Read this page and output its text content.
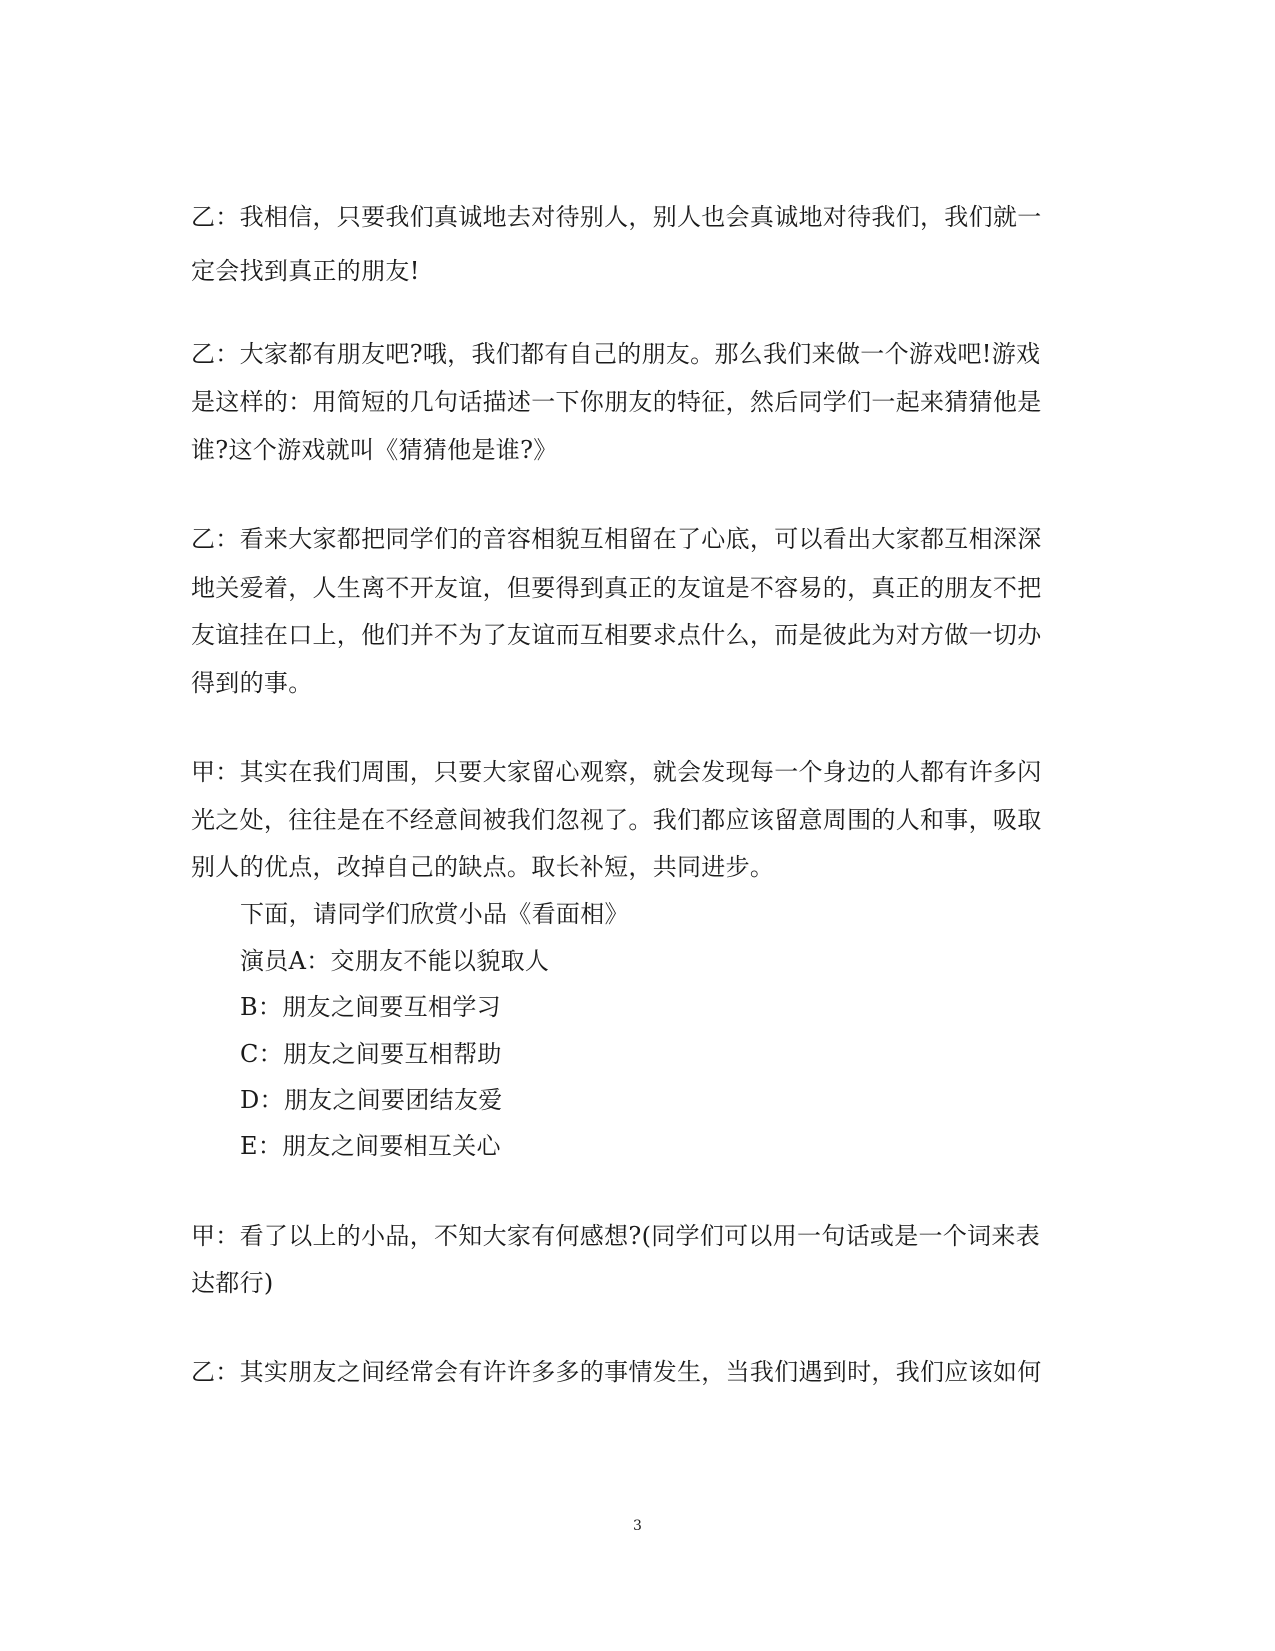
乙：我相信，只要我们真诚地去对待别人，别人也会真诚地对待我们，我们就一
定会找到真正的朋友!
乙：大家都有朋友吧?哦，我们都有自己的朋友。那么我们来做一个游戏吧!游戏
是这样的：用简短的几句话描述一下你朋友的特征，然后同学们一起来猜猜他是
谁?这个游戏就叫《猜猜他是谁?》
乙：看来大家都把同学们的音容相貌互相留在了心底，可以看出大家都互相深深
地关爱着，人生离不开友谊，但要得到真正的友谊是不容易的，真正的朋友不把
友谊挂在口上，他们并不为了友谊而互相要求点什么，而是彼此为对方做一切办
得到的事。
甲：其实在我们周围，只要大家留心观察，就会发现每一个身边的人都有许多闪
光之处，往往是在不经意间被我们忽视了。我们都应该留意周围的人和事，吸取
别人的优点，改掉自己的缺点。取长补短，共同进步。
下面，请同学们欣赏小品《看面相》
演员A：交朋友不能以貌取人
B：朋友之间要互相学习
C：朋友之间要互相帮助
D：朋友之间要团结友爱
E：朋友之间要相互关心
甲：看了以上的小品，不知大家有何感想?(同学们可以用一句话或是一个词来表
达都行)
乙：其实朋友之间经常会有许许多多的事情发生，当我们遇到时，我们应该如何
3
